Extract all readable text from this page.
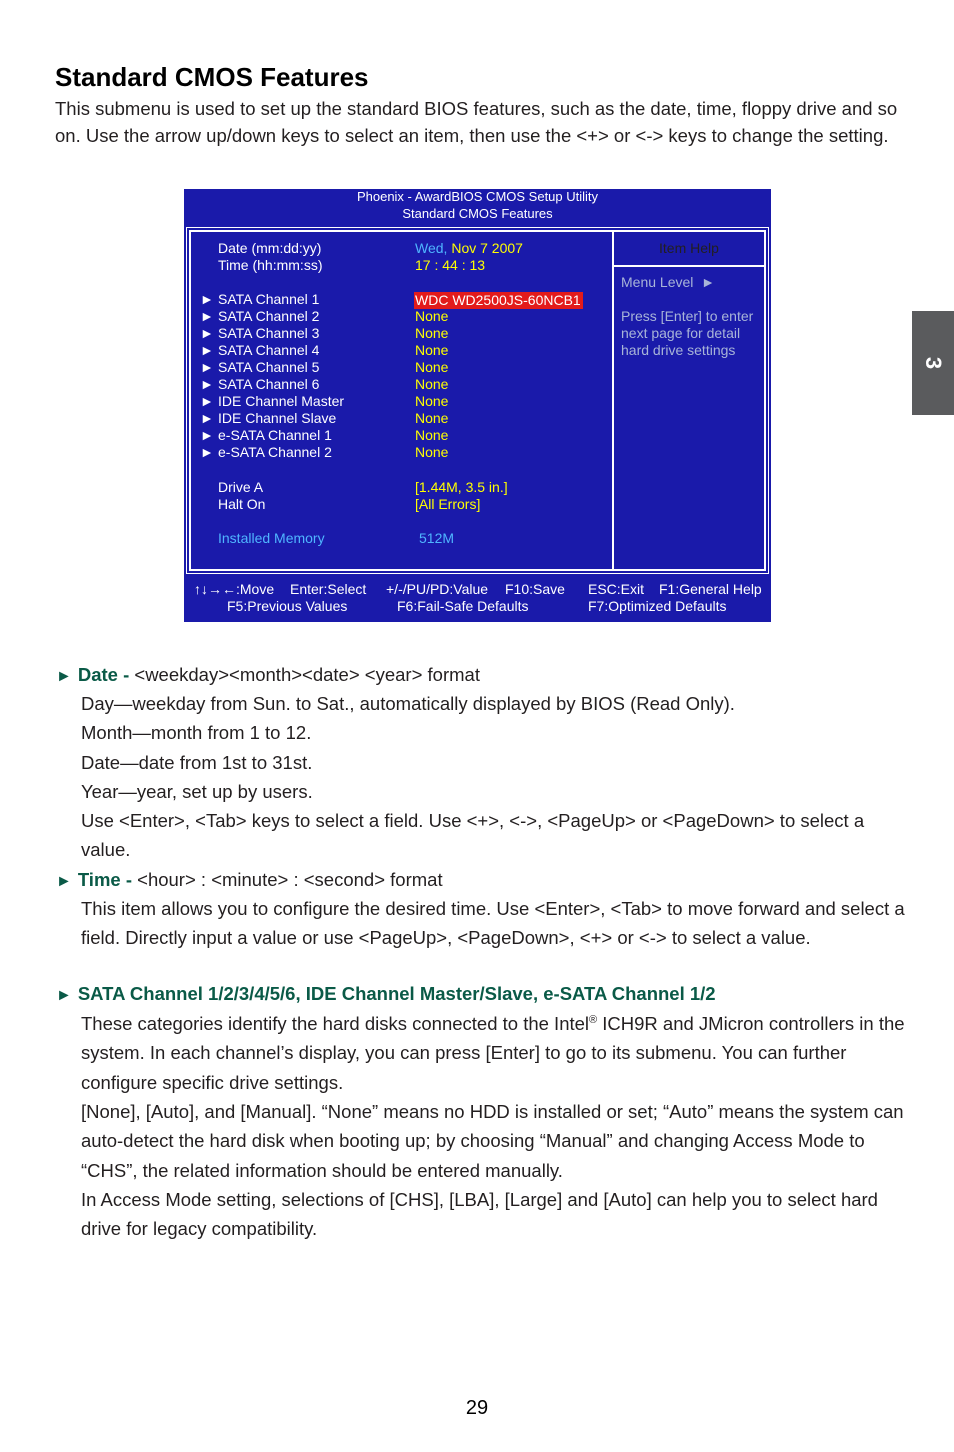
Standard CMOS Features
This submenu is used to set up the standard BIOS features, such as the date, time, floppy drive and so on. Use the arrow up/down keys to select an item, then use the <+> or <-> keys to change the setting.
3
Phoenix - AwardBIOS CMOS Setup Utility
Standard CMOS Features
Date (mm:dd:yy)	Wed, Nov 7 2007
Time (hh:mm:ss)	17 : 44 : 13
► SATA Channel 1	WDC WD2500JS-60NCB1
► SATA Channel 2	None
► SATA Channel 3	None
► SATA Channel 4	None
► SATA Channel 5	None
► SATA Channel 6	None
► IDE Channel Master	None
► IDE Channel Slave	None
► e-SATA Channel 1	None
► e-SATA Channel 2	None
Drive A	[1.44M, 3.5 in.]
Halt On	[All Errors]
Installed Memory	512M
Item Help
Menu Level ►
Press [Enter] to enter
next page for detail
hard drive settings
↑↓→←:Move Enter:Select +/-/PU/PD:Value F10:Save ESC:Exit F1:General Help
F5:Previous Values	F6:Fail-Safe Defaults	F7:Optimized Defaults
► Date - <weekday><month><date> <year> format
Day—weekday from Sun. to Sat., automatically displayed by BIOS (Read Only).
Month—month from 1 to 12.
Date—date from 1st to 31st.
Year—year, set up by users.
Use <Enter>, <Tab> keys to select a field. Use <+>, <->, <PageUp> or <PageDown> to select a value.
► Time - <hour> : <minute> : <second> format
This item allows you to configure the desired time. Use <Enter>, <Tab> to move forward and select a field. Directly input a value or use <PageUp>, <PageDown>, <+> or <-> to select a value.
► SATA Channel 1/2/3/4/5/6, IDE Channel Master/Slave, e-SATA Channel 1/2
These categories identify the hard disks connected to the Intel® ICH9R and JMicron controllers in the system. In each channel’s display, you can press [Enter] to go to its submenu. You can further configure specific drive settings.
[None], [Auto], and [Manual]. “None” means no HDD is installed or set; “Auto” means the system can auto-detect the hard disk when booting up; by choosing “Manual” and changing Access Mode to “CHS”, the related information should be entered manually.
In Access Mode setting, selections of [CHS], [LBA], [Large] and [Auto] can help you to select hard drive for legacy compatibility.
29
